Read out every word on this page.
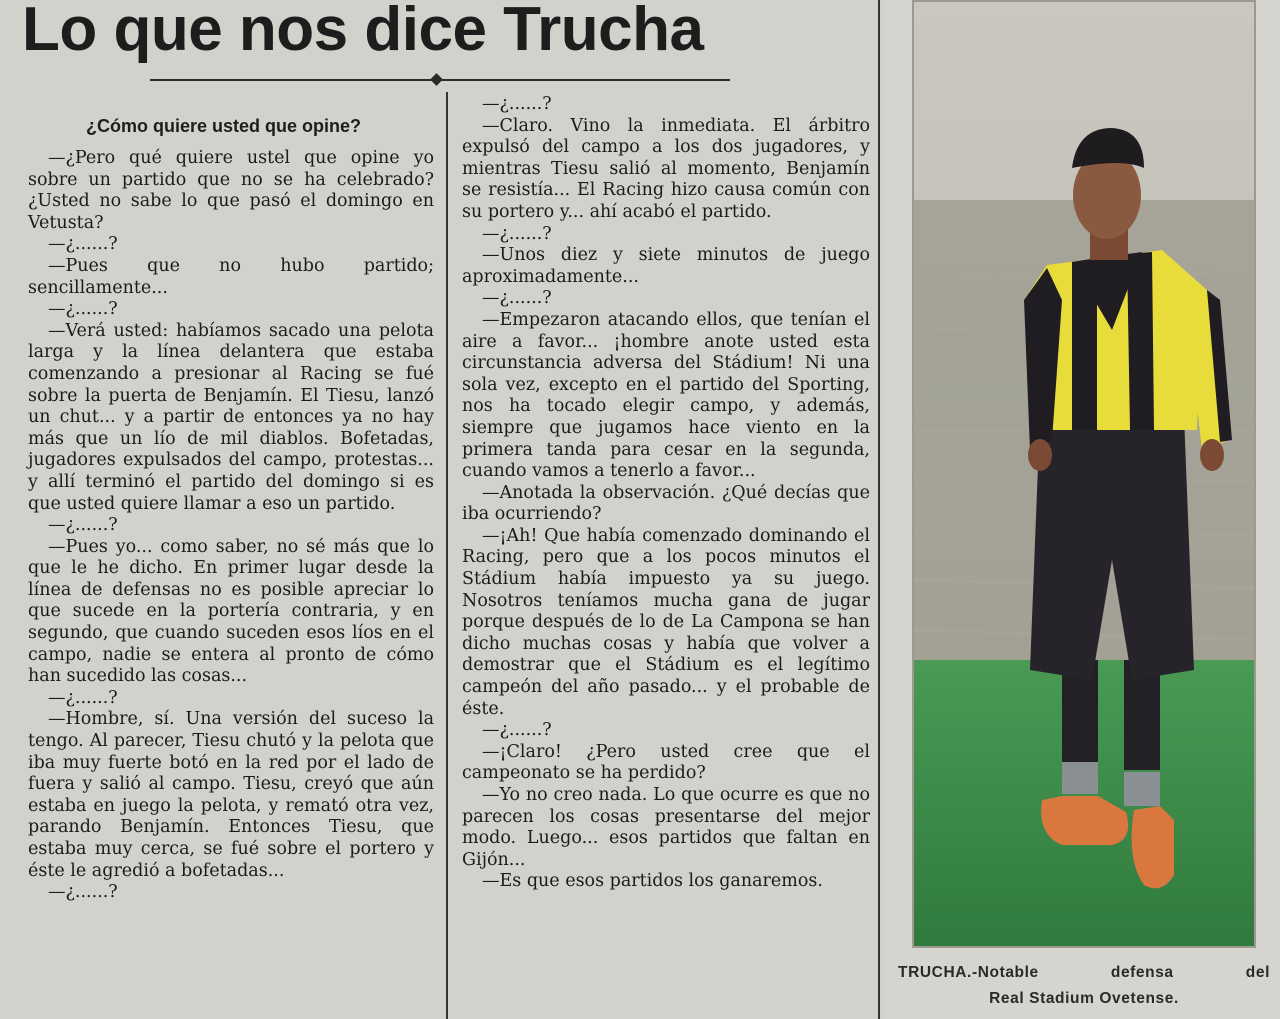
Lo que nos dice Trucha
¿Cómo quiere usted que opine?

—¿Pero qué quiere ustel que opine yo sobre un partido que no se ha celebrado? ¿Usted no sabe lo que pasó el domingo en Vetusta?

—¿......?

—Pues que no hubo partido; sencillamente...

—¿......?

—Verá usted: habíamos sacado una pelota larga y la línea delantera que estaba comenzando a presionar al Racing se fué sobre la puerta de Benjamín. El Tiesu, lanzó un chut... y a partir de entonces ya no hay más que un lío de mil diablos. Bofetadas, jugadores expulsados del campo, protestas... y allí terminó el partido del domingo si es que usted quiere llamar a eso un partido.

—¿......?

—Pues yo... como saber, no sé más que lo que le he dicho. En primer lugar desde la línea de defensas no es posible apreciar lo que sucede en la portería contraria, y en segundo, que cuando suceden esos líos en el campo, nadie se entera al pronto de cómo han sucedido las cosas...

—¿......?

—Hombre, sí. Una versión del suceso la tengo. Al parecer, Tiesu chutó y la pelota que iba muy fuerte botó en la red por el lado de fuera y salió al campo. Tiesu, creyó que aún estaba en juego la pelota, y remató otra vez, parando Benjamín. Entonces Tiesu, que estaba muy cerca, se fué sobre el portero y éste le agredió a bofetadas...

—¿......?

—¿......?

—Claro. Vino la inmediata. El árbitro expulsó del campo a los dos jugadores, y mientras Tiesu salió al momento, Benjamín se resistía... El Racing hizo causa común con su portero y... ahí acabó el partido.

—¿......?

—Unos diez y siete minutos de juego aproximadamente...

—¿......?

—Empezaron atacando ellos, que tenían el aire a favor... ¡hombre anote usted esta circunstancia adversa del Stádium! Ni una sola vez, excepto en el partido del Sporting, nos ha tocado elegir campo, y además, siempre que jugamos hace viento en la primera tanda para cesar en la segunda, cuando vamos a tenerlo a favor...

—Anotada la observación. ¿Qué decías que iba ocurriendo?

—¡Ah! Que había comenzado dominando el Racing, pero que a los pocos minutos el Stádium había impuesto ya su juego. Nosotros teníamos mucha gana de jugar porque después de lo de La Campona se han dicho muchas cosas y había que volver a demostrar que el Stádium es el legítimo campeón del año pasado... y el probable de éste.

—¿......?

—¡Claro! ¿Pero usted cree que el campeonato se ha perdido?

—Yo no creo nada. Lo que ocurre es que no parecen los cosas presentarse del mejor modo. Luego... esos partidos que faltan en Gijón...

—Es que esos partidos los ganaremos.

TRUCHA.-Notable	defensa	del
Real Stadium Ovetense.
